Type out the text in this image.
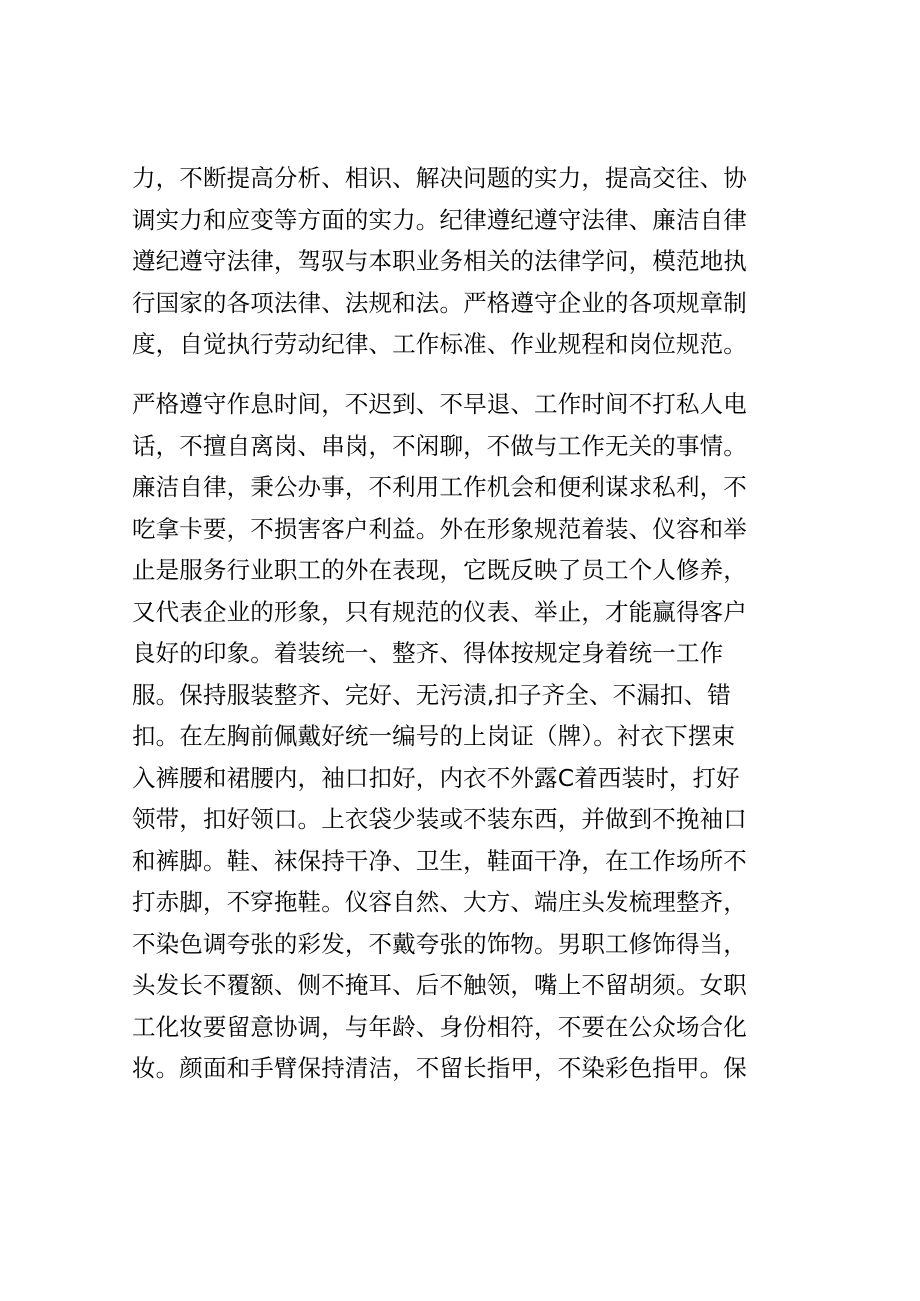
力，不断提高分析、相识、解决问题的实力，提高交往、协
调实力和应变等方面的实力。纪律遵纪遵守法律、廉洁自律
遵纪遵守法律，驾驭与本职业务相关的法律学问，模范地执
行国家的各项法律、法规和法。严格遵守企业的各项规章制
度，自觉执行劳动纪律、工作标准、作业规程和岗位规范。
严格遵守作息时间，不迟到、不早退、工作时间不打私人电
话，不擅自离岗、串岗，不闲聊，不做与工作无关的事情。
廉洁自律，秉公办事，不利用工作机会和便利谋求私利，不
吃拿卡要，不损害客户利益。外在形象规范着装、仪容和举
止是服务行业职工的外在表现，它既反映了员工个人修养，
又代表企业的形象，只有规范的仪表、举止，才能赢得客户
良好的印象。着装统一、整齐、得体按规定身着统一工作
服。保持服装整齐、完好、无污渍,扣子齐全、不漏扣、错
扣。在左胸前佩戴好统一编号的上岗证（牌）。衬衣下摆束
入裤腰和裙腰内，袖口扣好，内衣不外露C着西装时，打好
领带，扣好领口。上衣袋少装或不装东西，并做到不挽袖口
和裤脚。鞋、袜保持干净、卫生，鞋面干净，在工作场所不
打赤脚，不穿拖鞋。仪容自然、大方、端庄头发梳理整齐，
不染色调夸张的彩发，不戴夸张的饰物。男职工修饰得当，
头发长不覆额、侧不掩耳、后不触领，嘴上不留胡须。女职
工化妆要留意协调，与年龄、身份相符，不要在公众场合化
妆。颜面和手臂保持清洁，不留长指甲，不染彩色指甲。保
